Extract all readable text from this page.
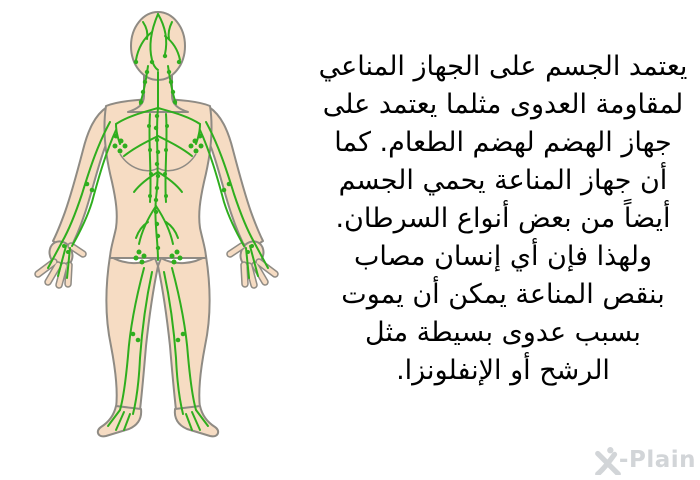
يعتمد الجسم على الجهاز المناعي
لمقاومة العدوى مثلما يعتمد على
جهاز الهضم لهضم الطعام. كما
أن جهاز المناعة يحمي الجسم
أيضاً من بعض أنواع السرطان.
ولهذا فإن أي إنسان مصاب
بنقص المناعة يمكن أن يموت
بسبب عدوى بسيطة مثل
الرشح أو الإنفلونزا.
-Plain
